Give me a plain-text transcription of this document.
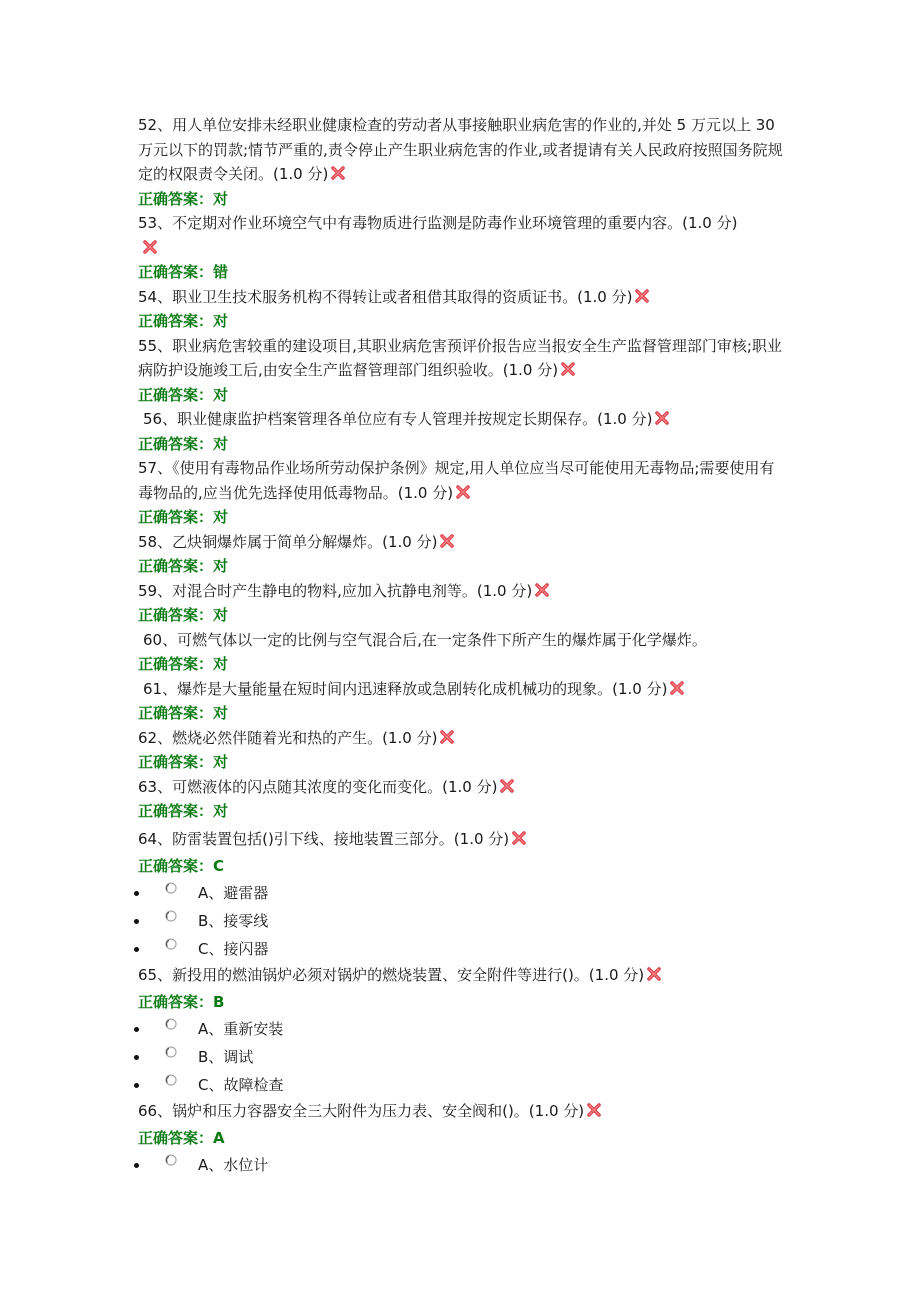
52、用人单位安排未经职业健康检查的劳动者从事接触职业病危害的作业的,并处 5 万元以上 30 万元以下的罚款;情节严重的,责令停止产生职业病危害的作业,或者提请有关人民政府按照国务院规定的权限责令关闭。(1.0 分)

正确答案：对

53、不定期对作业环境空气中有毒物质进行监测是防毒作业环境管理的重要内容。(1.0 分)

正确答案：错

54、职业卫生技术服务机构不得转让或者租借其取得的资质证书。(1.0 分)

正确答案：对

55、职业病危害较重的建设项目,其职业病危害预评价报告应当报安全生产监督管理部门审核;职业病防护设施竣工后,由安全生产监督管理部门组织验收。(1.0 分)

正确答案：对

56、职业健康监护档案管理各单位应有专人管理并按规定长期保存。(1.0 分)

正确答案：对

57、《使用有毒物品作业场所劳动保护条例》规定,用人单位应当尽可能使用无毒物品;需要使用有毒物品的,应当优先选择使用低毒物品。(1.0 分)

正确答案：对

58、乙炔铜爆炸属于简单分解爆炸。(1.0 分)

正确答案：对

59、对混合时产生静电的物料,应加入抗静电剂等。(1.0 分)

正确答案：对

60、可燃气体以一定的比例与空气混合后,在一定条件下所产生的爆炸属于化学爆炸。

正确答案：对

61、爆炸是大量能量在短时间内迅速释放或急剧转化成机械功的现象。(1.0 分)

正确答案：对

62、燃烧必然伴随着光和热的产生。(1.0 分)

正确答案：对

63、可燃液体的闪点随其浓度的变化而变化。(1.0 分)

正确答案：对

64、防雷装置包括()引下线、接地装置三部分。(1.0 分)

正确答案：C

A、避雷器
B、接零线
C、接闪器

65、新投用的燃油锅炉必须对锅炉的燃烧装置、安全附件等进行()。(1.0 分)

正确答案：B

A、重新安装
B、调试
C、故障检查

66、锅炉和压力容器安全三大附件为压力表、安全阀和()。(1.0 分)

正确答案：A

A、水位计
